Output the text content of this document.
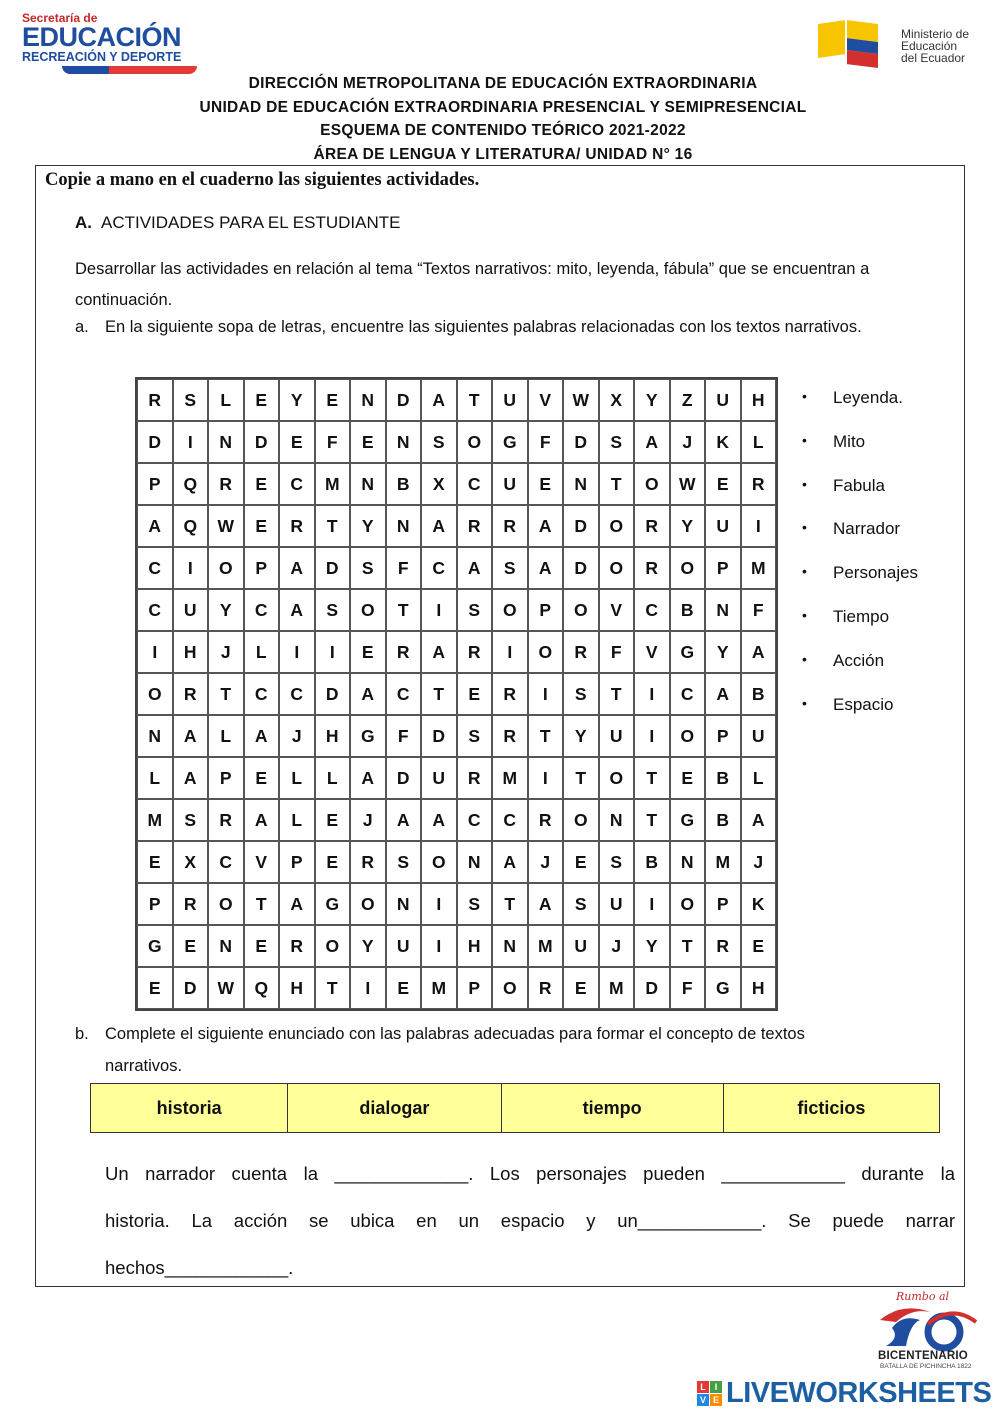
Secretaría de
EDUCACIÓN
RECREACIÓN Y DEPORTE
Ministerio de
Educación
del Ecuador
DIRECCIÓN METROPOLITANA DE EDUCACIÓN EXTRAORDINARIA
UNIDAD DE EDUCACIÓN EXTRAORDINARIA PRESENCIAL Y SEMIPRESENCIAL
ESQUEMA DE CONTENIDO TEÓRICO 2021-2022
ÁREA DE LENGUA Y LITERATURA/ UNIDAD N° 16
Copie a mano en el cuaderno las siguientes actividades.
A. ACTIVIDADES PARA EL ESTUDIANTE
Desarrollar las actividades en relación al tema “Textos narrativos: mito, leyenda, fábula” que se encuentran a continuación.
a. En la siguiente sopa de letras, encuentre las siguientes palabras relacionadas con los textos narrativos.
R	S	L	E	Y	E	N	D	A	T	U	V	W	X	Y	Z	U	H
D	I	N	D	E	F	E	N	S	O	G	F	D	S	A	J	K	L
P	Q	R	E	C	M	N	B	X	C	U	E	N	T	O	W	E	R
A	Q	W	E	R	T	Y	N	A	R	R	A	D	O	R	Y	U	I
C	I	O	P	A	D	S	F	C	A	S	A	D	O	R	O	P	M
C	U	Y	C	A	S	O	T	I	S	O	P	O	V	C	B	N	F
I	H	J	L	I	I	E	R	A	R	I	O	R	F	V	G	Y	A
O	R	T	C	C	D	A	C	T	E	R	I	S	T	I	C	A	B
N	A	L	A	J	H	G	F	D	S	R	T	Y	U	I	O	P	U
L	A	P	E	L	L	A	D	U	R	M	I	T	O	T	E	B	L
M	S	R	A	L	E	J	A	A	C	C	R	O	N	T	G	B	A
E	X	C	V	P	E	R	S	O	N	A	J	E	S	B	N	M	J
P	R	O	T	A	G	O	N	I	S	T	A	S	U	I	O	P	K
G	E	N	E	R	O	Y	U	I	H	N	M	U	J	Y	T	R	E
E	D	W	Q	H	T	I	E	M	P	O	R	E	M	D	F	G	H
•	Leyenda.
•	Mito
•	Fabula
•	Narrador
•	Personajes
•	Tiempo
•	Acción
•	Espacio
b. Complete el siguiente enunciado con las palabras adecuadas para formar el concepto de textos
narrativos.
historia	dialogar	tiempo	ficticios

Un narrador cuenta la _____________. Los personajes pueden ____________ durante la

historia. La acción se ubica en un espacio y un____________. Se puede narrar

hechos____________.

Rumbo al
BICENTENARIO
BATALLA DE PICHINCHA 1822
L I
V E LIVEWORKSHEETS
